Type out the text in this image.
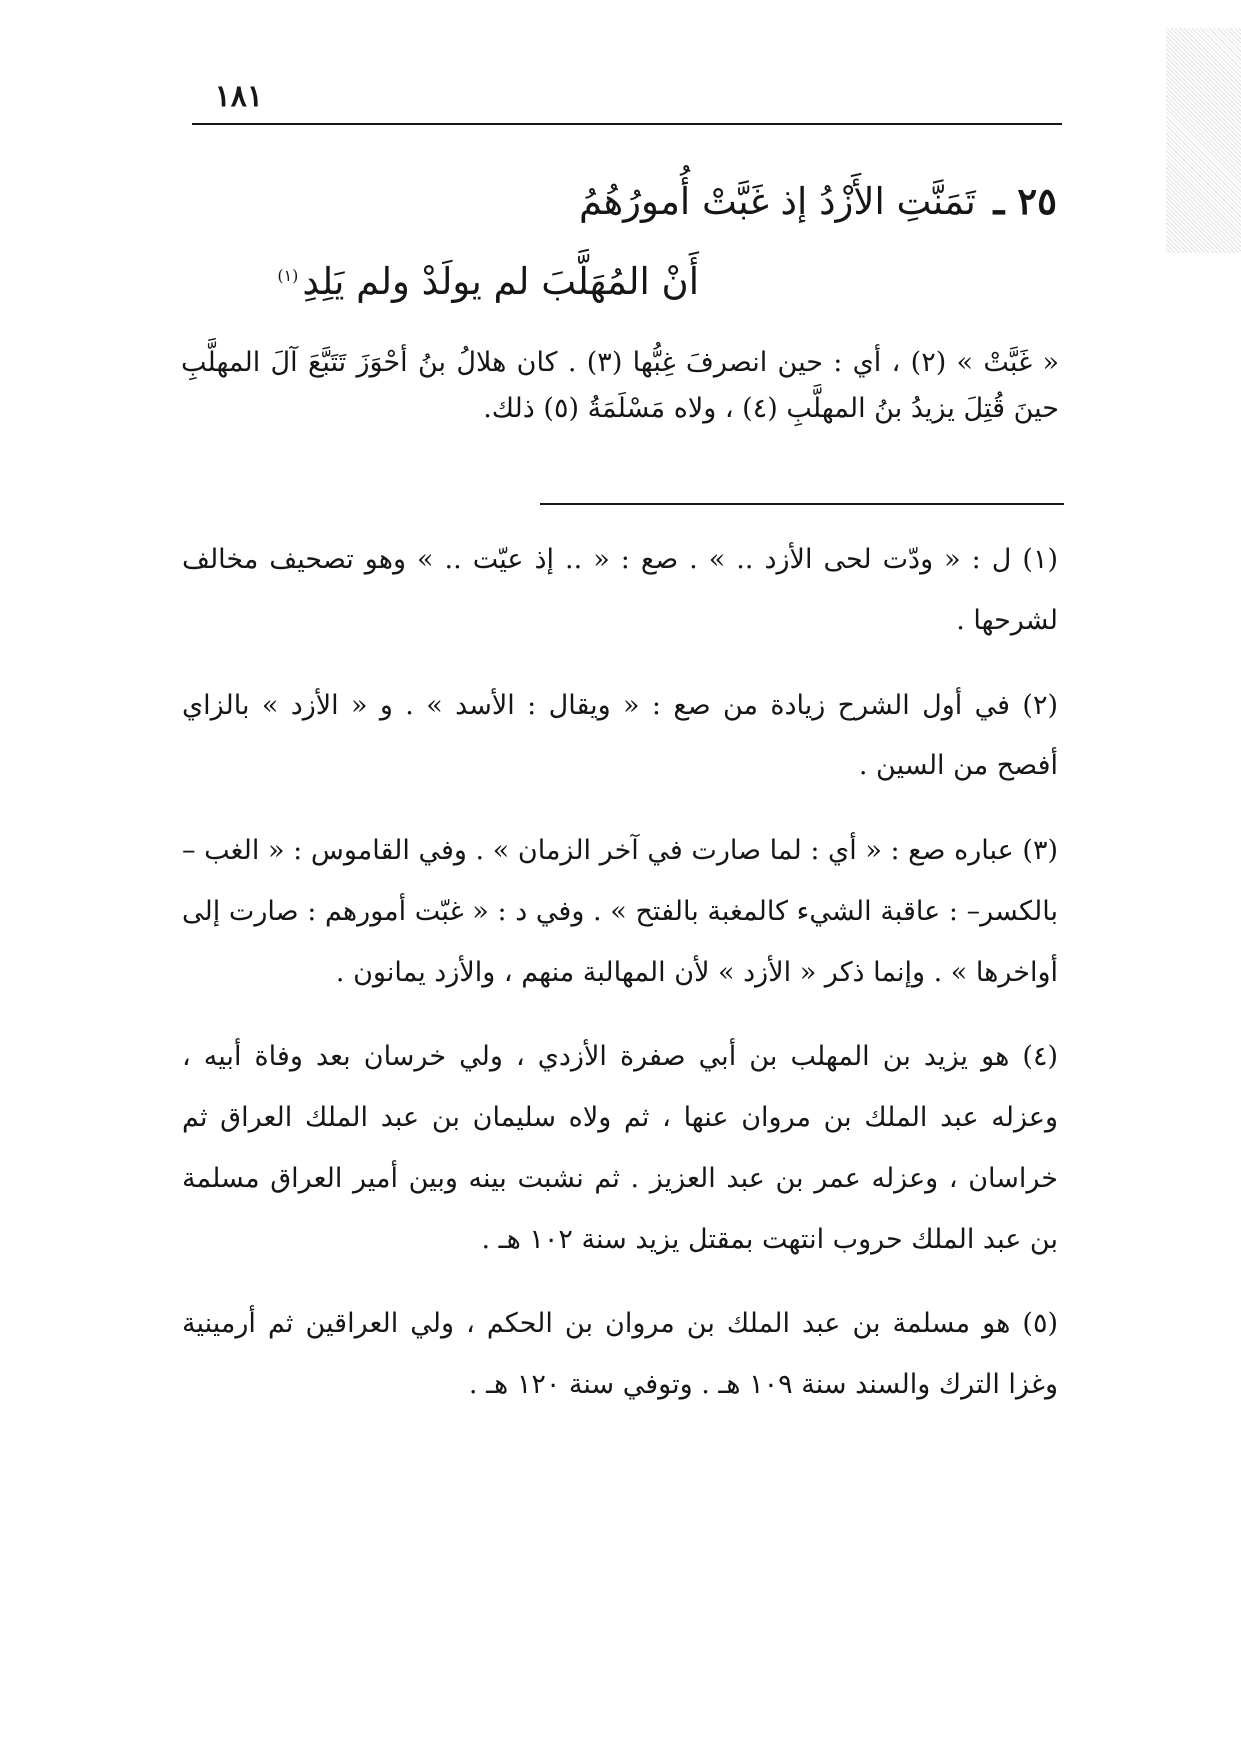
١٨١
٢٥ ـ تَمَنَّتِ الأَزْدُ إذ غَبَّتْ أُمورُهُمُ
أَنْ المُهَلَّبَ لم يولَدْ ولم يَلِدِ$^{(١)}$

« غَبَّتْ » (٢) ، أي : حين انصرفَ غِبُّها (٣) . كان هلالُ بنُ أحْوَزَ تَتَبَّعَ آلَ المهلَّبِ حينَ قُتِلَ يزيدُ بنُ المهلَّبِ (٤) ، ولاه مَسْلَمَةُ (٥) ذلك.

(١) ل : « ودّت لحى الأزد .. » . صع : « .. إذ عيّت .. » وهو تصحيف مخالف لشرحها .
(٢) في أول الشرح زيادة من صع : « ويقال : الأسد » . و « الأزد » بالزاي أفصح من السين .
(٣) عباره صع : « أي : لما صارت في آخر الزمان » . وفي القاموس : « الغب –بالكسر– : عاقبة الشيء كالمغبة بالفتح » . وفي د : « غبّت أمورهم : صارت إلى أواخرها » . وإنما ذكر « الأزد » لأن المهالبة منهم ، والأزد يمانون .
(٤) هو يزيد بن المهلب بن أبي صفرة الأزدي ، ولي خرسان بعد وفاة أبيه ، وعزله عبد الملك بن مروان عنها ، ثم ولاه سليمان بن عبد الملك العراق ثم خراسان ، وعزله عمر بن عبد العزيز . ثم نشبت بينه وبين أمير العراق مسلمة بن عبد الملك حروب انتهت بمقتل يزيد سنة ١٠٢ هـ .
(٥) هو مسلمة بن عبد الملك بن مروان بن الحكم ، ولي العراقين ثم أرمينية وغزا الترك والسند سنة ١٠٩ هـ . وتوفي سنة ١٢٠ هـ .
